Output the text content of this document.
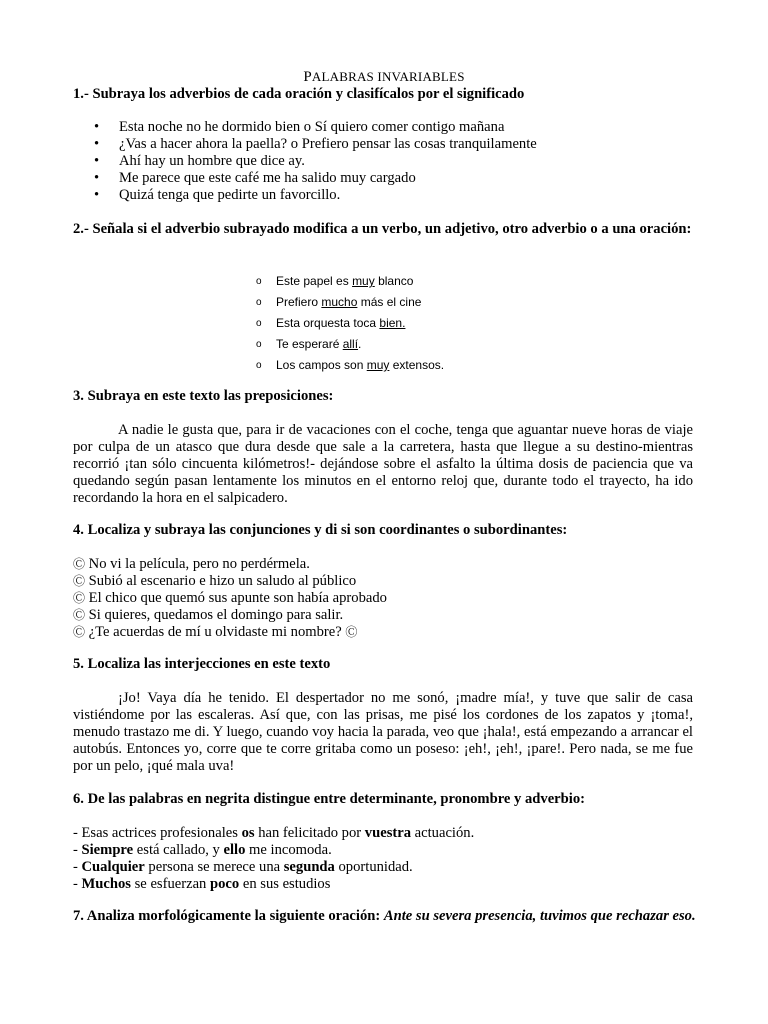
PALABRAS INVARIABLES
1.- Subraya los adverbios de cada oración y clasifícalos por el significado
• Esta noche no he dormido bien o Sí quiero comer contigo mañana
• ¿Vas a hacer ahora la paella? o Prefiero pensar las cosas tranquilamente
• Ahí hay un hombre que dice ay.
• Me parece que este café me ha salido muy cargado
• Quizá tenga que pedirte un favorcillo.
2.- Señala si el adverbio subrayado modifica a un verbo, un adjetivo, otro adverbio o a una oración:
o Este papel es muy blanco
o Prefiero mucho más el cine
o Esta orquesta toca bien.
o Te esperaré allí.
o Los campos son muy extensos.
3. Subraya en este texto las preposiciones:
A nadie le gusta que, para ir de vacaciones con el coche, tenga que aguantar nueve horas de viaje por culpa de un atasco que dura desde que sale a la carretera, hasta que llegue a su destino-mientras recorrió ¡tan sólo cincuenta kilómetros!- dejándose sobre el asfalto la última dosis de paciencia que va quedando según pasan lentamente los minutos en el entorno reloj que, durante todo el trayecto, ha ido recordando la hora en el salpicadero.
4. Localiza y subraya las conjunciones y di si son coordinantes o subordinantes:
Ⓒ No vi la película, pero no perdérmela.
Ⓒ Subió al escenario e hizo un saludo al público
Ⓒ El chico que quemó sus apunte son había aprobado
Ⓒ Si quieres, quedamos el domingo para salir.
Ⓒ ¿Te acuerdas de mí u olvidaste mi nombre? Ⓒ
5. Localiza las interjecciones en este texto
¡Jo! Vaya día he tenido. El despertador no me sonó, ¡madre mía!, y tuve que salir de casa vistiéndome por las escaleras. Así que, con las prisas, me pisé los cordones de los zapatos y ¡toma!, menudo trastazo me di. Y luego, cuando voy hacia la parada, veo que ¡hala!, está empezando a arrancar el autobús. Entonces yo, corre que te corre gritaba como un poseso: ¡eh!, ¡eh!, ¡pare!. Pero nada, se me fue por un pelo, ¡qué mala uva!
6. De las palabras en negrita distingue entre determinante, pronombre y adverbio:
- Esas actrices profesionales os han felicitado por vuestra actuación.
- Siempre está callado, y ello me incomoda.
- Cualquier persona se merece una segunda oportunidad.
- Muchos se esfuerzan poco en sus estudios
7. Analiza morfológicamente la siguiente oración: Ante su severa presencia, tuvimos que rechazar eso.
